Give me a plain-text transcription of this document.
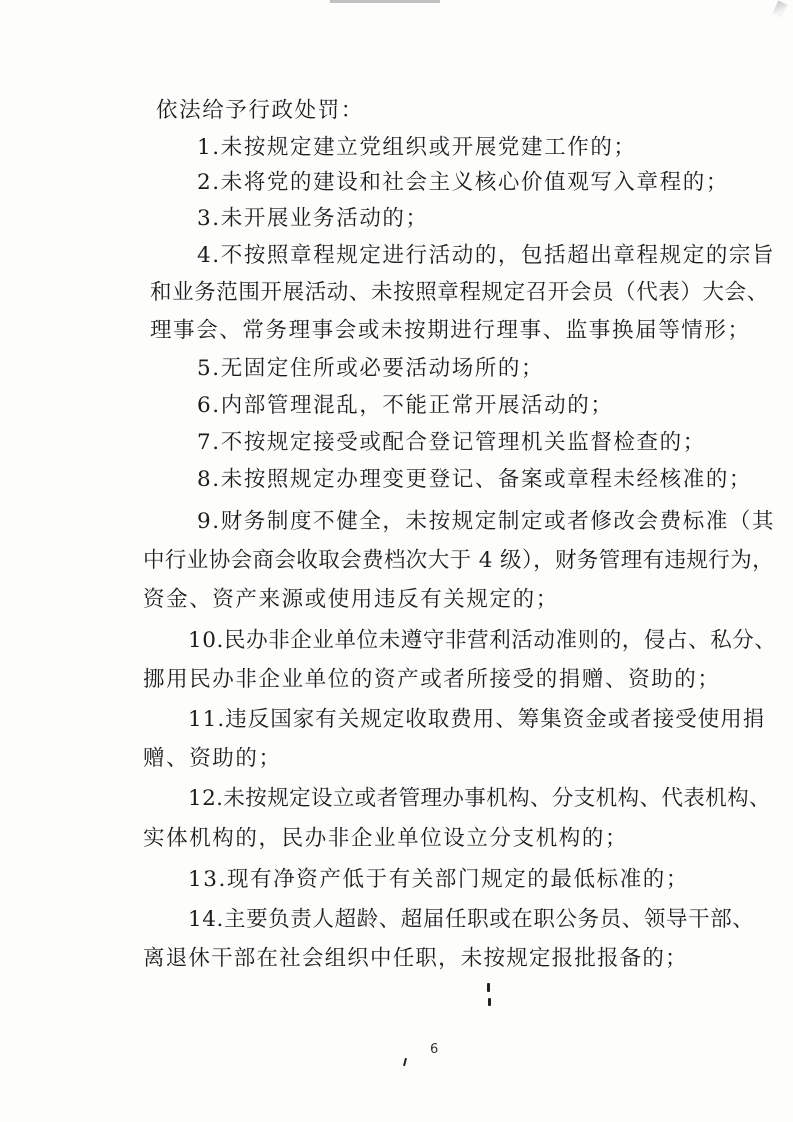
依法给予行政处罚：
1.未按规定建立党组织或开展党建工作的；
2.未将党的建设和社会主义核心价值观写入章程的；
3.未开展业务活动的；
4.不按照章程规定进行活动的，包括超出章程规定的宗旨
和业务范围开展活动、未按照章程规定召开会员（代表）大会、
理事会、常务理事会或未按期进行理事、监事换届等情形；
5.无固定住所或必要活动场所的；
6.内部管理混乱，不能正常开展活动的；
7.不按规定接受或配合登记管理机关监督检查的；
8.未按照规定办理变更登记、备案或章程未经核准的；
9.财务制度不健全，未按规定制定或者修改会费标准（其
中行业协会商会收取会费档次大于 4 级），财务管理有违规行为，
资金、资产来源或使用违反有关规定的；
10.民办非企业单位未遵守非营利活动准则的，侵占、私分、
挪用民办非企业单位的资产或者所接受的捐赠、资助的；
11.违反国家有关规定收取费用、筹集资金或者接受使用捐
赠、资助的；
12.未按规定设立或者管理办事机构、分支机构、代表机构、
实体机构的，民办非企业单位设立分支机构的；
13.现有净资产低于有关部门规定的最低标准的；
14.主要负责人超龄、超届任职或在职公务员、领导干部、
离退休干部在社会组织中任职，未按规定报批报备的；
6
